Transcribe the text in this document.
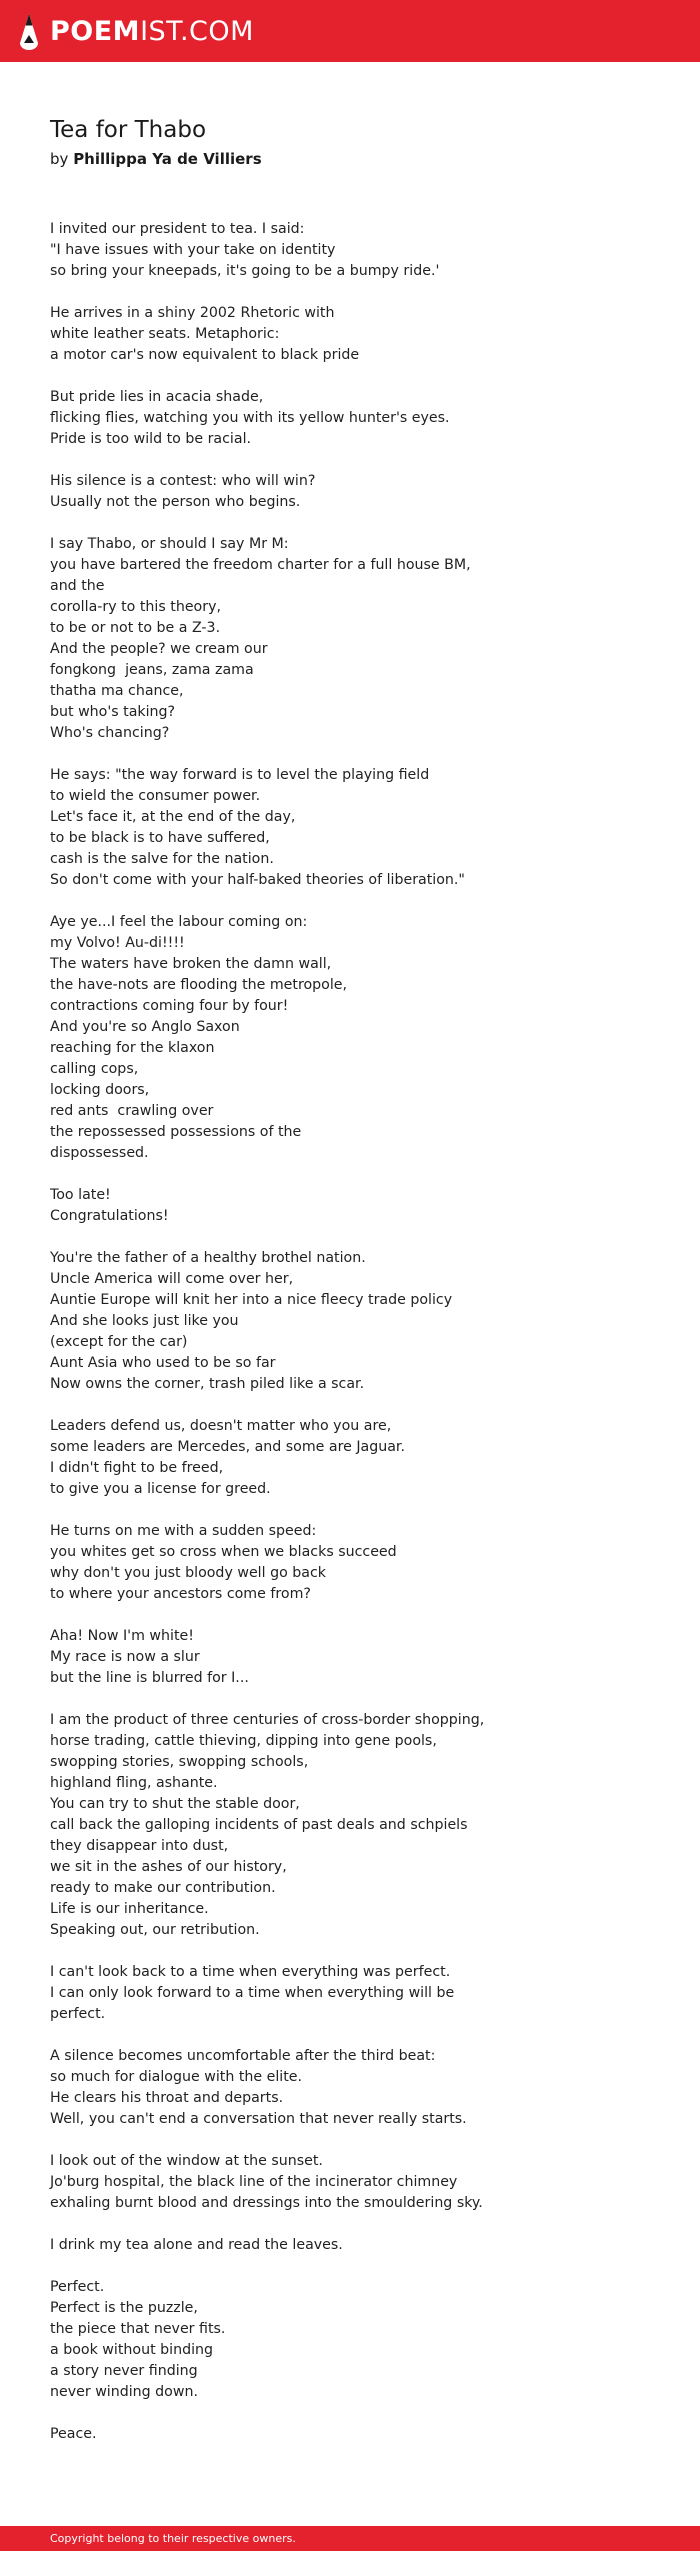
POEMIST.COM
Tea for Thabo
by Phillippa Ya de Villiers
I invited our president to tea. I said:
"I have issues with your take on identity
so bring your kneepads, it's going to be a bumpy ride.'
He arrives in a shiny 2002 Rhetoric with
white leather seats. Metaphoric:
a motor car's now equivalent to black pride
But pride lies in acacia shade,
flicking flies, watching you with its yellow hunter's eyes.
Pride is too wild to be racial.
His silence is a contest: who will win?
Usually not the person who begins.
I say Thabo, or should I say Mr M:
you have bartered the freedom charter for a full house BM,
and the
corolla-ry to this theory,
to be or not to be a Z-3.
And the people? we cream our
fongkong  jeans, zama zama
thatha ma chance,
but who's taking?
Who's chancing?
He says: "the way forward is to level the playing field
to wield the consumer power.
Let's face it, at the end of the day,
to be black is to have suffered,
cash is the salve for the nation.
So don't come with your half-baked theories of liberation."
Aye ye...I feel the labour coming on:
my Volvo! Au-di!!!!
The waters have broken the damn wall,
the have-nots are flooding the metropole,
contractions coming four by four!
And you're so Anglo Saxon
reaching for the klaxon
calling cops,
locking doors,
red ants  crawling over
the repossessed possessions of the
dispossessed.
Too late!
Congratulations!
You're the father of a healthy brothel nation.
Uncle America will come over her,
Auntie Europe will knit her into a nice fleecy trade policy
And she looks just like you
(except for the car)
Aunt Asia who used to be so far
Now owns the corner, trash piled like a scar.
Leaders defend us, doesn't matter who you are,
some leaders are Mercedes, and some are Jaguar.
I didn't fight to be freed,
to give you a license for greed.
He turns on me with a sudden speed:
you whites get so cross when we blacks succeed
why don't you just bloody well go back
to where your ancestors come from?
Aha! Now I'm white!
My race is now a slur
but the line is blurred for I...
I am the product of three centuries of cross-border shopping,
horse trading, cattle thieving, dipping into gene pools,
swopping stories, swopping schools,
highland fling, ashante.
You can try to shut the stable door,
call back the galloping incidents of past deals and schpiels
they disappear into dust,
we sit in the ashes of our history,
ready to make our contribution.
Life is our inheritance.
Speaking out, our retribution.
I can't look back to a time when everything was perfect.
I can only look forward to a time when everything will be
perfect.
A silence becomes uncomfortable after the third beat:
so much for dialogue with the elite.
He clears his throat and departs.
Well, you can't end a conversation that never really starts.
I look out of the window at the sunset.
Jo'burg hospital, the black line of the incinerator chimney
exhaling burnt blood and dressings into the smouldering sky.
I drink my tea alone and read the leaves.
Perfect.
Perfect is the puzzle,
the piece that never fits.
a book without binding
a story never finding
never winding down.
Peace.
Copyright belong to their respective owners.
